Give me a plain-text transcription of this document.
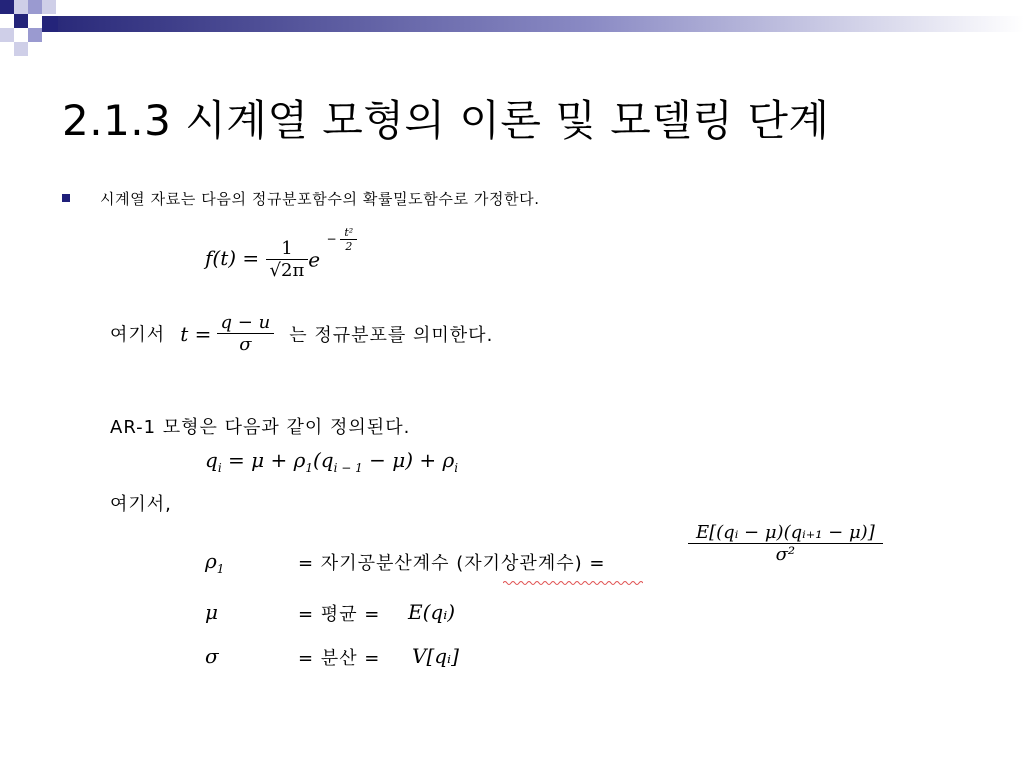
2.1.3 시계열 모형의 이론 및 모델링 단계
시계열 자료는 다음의 정규분포함수의 확률밀도함수로 가정한다.
$f(t) = \frac{1}{√2\pi}$ e $^{- \frac{\text{t²}}{2}}$
여기서 $t = \frac{q - u}{\sigma}$ 는 정규분포를 의미한다.
AR-1 모형은 다음과 같이 정의된다.
$q_i = \mu + \rho_1(q_{i - 1} - \mu) + \rho_i$
여기서,
$\rho_1$	= 자기공분산계수 (자기상관계수) =	$\frac{\text{E[(qᵢ − μ)(qᵢ₊₁ − μ)]}}{\text{σ²}}$
μ	= 평균 = E(qᵢ)
σ	= 분산 = V[qᵢ]
